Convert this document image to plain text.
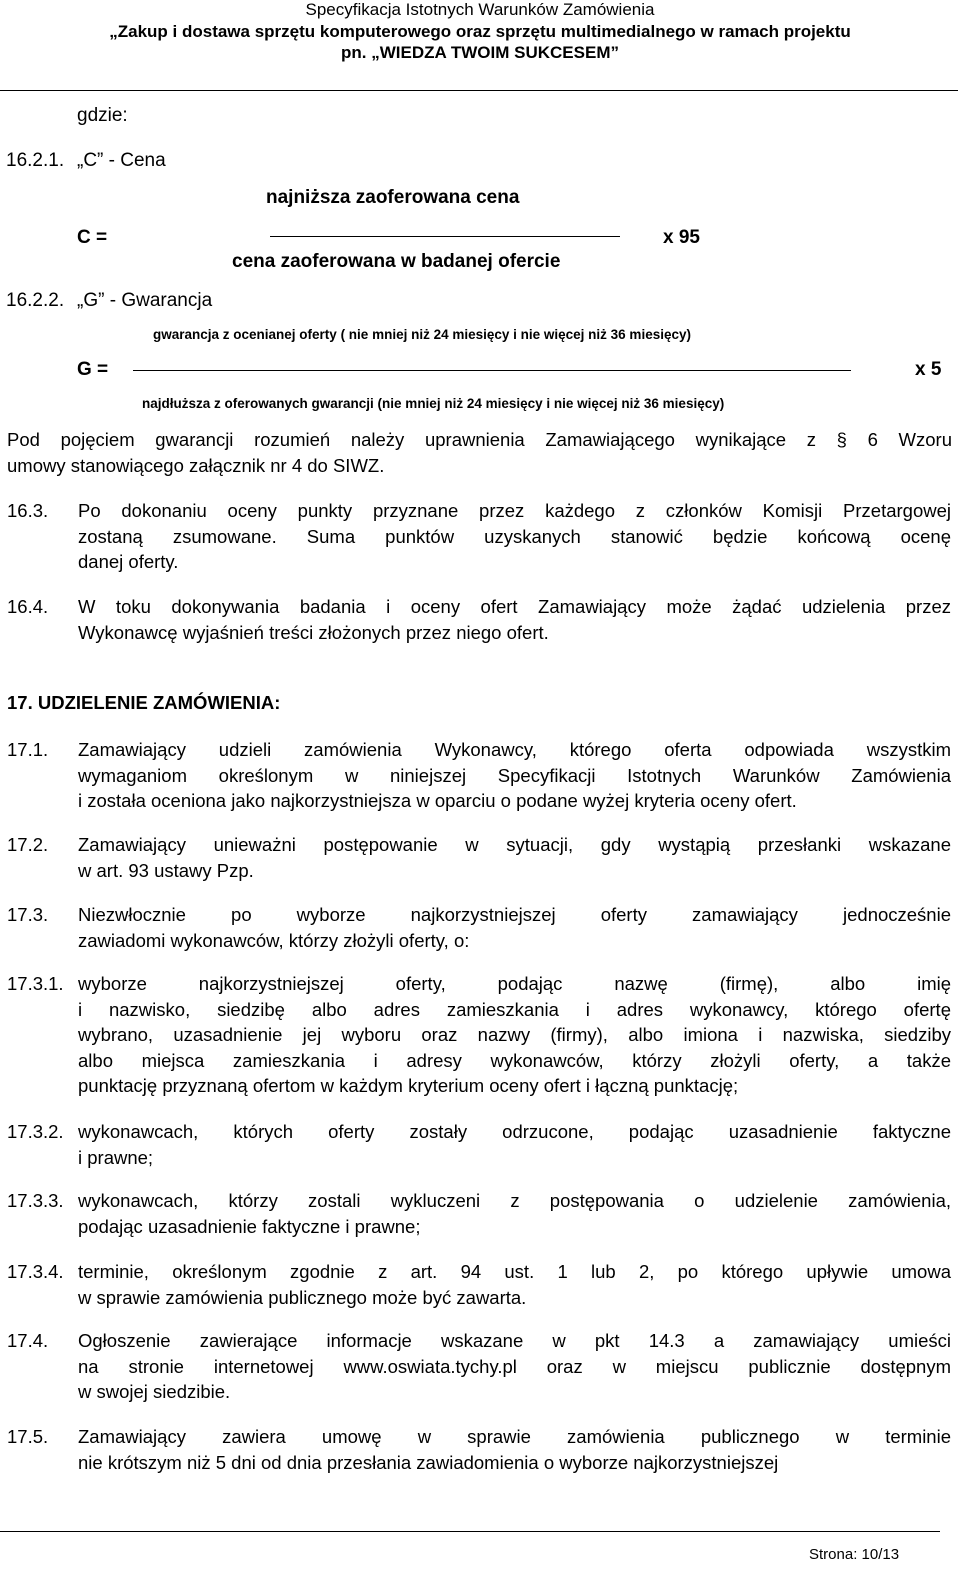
Specyfikacja Istotnych Warunków Zamówienia
„Zakup i dostawa sprzętu komputerowego oraz sprzętu multimedialnego w ramach projektu
pn. „WIEDZA TWOIM SUKCESEM”
gdzie:
16.2.1. „C” - Cena
C =
najniższa zaoferowana cena
cena zaoferowana w badanej ofercie
x 95
16.2.2. „G” - Gwarancja
gwarancja z ocenianej oferty ( nie mniej niż 24 miesięcy i nie więcej niż 36 miesięcy)
G =	x 5
najdłuższa z oferowanych gwarancji (nie mniej niż 24 miesięcy i nie więcej niż 36 miesięcy)
Pod pojęciem gwarancji rozumień należy uprawnienia Zamawiającego wynikające z § 6 Wzoru
umowy stanowiącego załącznik nr 4 do SIWZ.
16.3. Po dokonaniu oceny punkty przyznane przez każdego z członków Komisji Przetargowej
zostaną zsumowane. Suma punktów uzyskanych stanowić będzie końcową ocenę
danej oferty.
16.4. W toku dokonywania badania i oceny ofert Zamawiający może żądać udzielenia przez
Wykonawcę wyjaśnień treści złożonych przez niego ofert.
17. UDZIELENIE ZAMÓWIENIA:
17.1. Zamawiający udzieli zamówienia Wykonawcy, którego oferta odpowiada wszystkim
wymaganiom określonym w niniejszej Specyfikacji Istotnych Warunków Zamówienia
i została oceniona jako najkorzystniejsza w oparciu o podane wyżej kryteria oceny ofert.
17.2. Zamawiający unieważni postępowanie w sytuacji, gdy wystąpią przesłanki wskazane
w art. 93 ustawy Pzp.
17.3. Niezwłocznie po wyborze najkorzystniejszej oferty zamawiający jednocześnie
zawiadomi wykonawców, którzy złożyli oferty, o:
17.3.1. wyborze najkorzystniejszej oferty, podając nazwę (firmę), albo imię
i nazwisko, siedzibę albo adres zamieszkania i adres wykonawcy, którego ofertę
wybrano, uzasadnienie jej wyboru oraz nazwy (firmy), albo imiona i nazwiska, siedziby
albo miejsca zamieszkania i adresy wykonawców, którzy złożyli oferty, a także
punktację przyznaną ofertom w każdym kryterium oceny ofert i łączną punktację;
17.3.2. wykonawcach, których oferty zostały odrzucone, podając uzasadnienie faktyczne
i prawne;
17.3.3. wykonawcach, którzy zostali wykluczeni z postępowania o udzielenie zamówienia,
podając uzasadnienie faktyczne i prawne;
17.3.4. terminie, określonym zgodnie z art. 94 ust. 1 lub 2, po którego upływie umowa
w sprawie zamówienia publicznego może być zawarta.
17.4. Ogłoszenie zawierające informacje wskazane w pkt 14.3 a zamawiający umieści
na stronie internetowej www.oswiata.tychy.pl oraz w miejscu publicznie dostępnym
w swojej siedzibie.
17.5. Zamawiający zawiera umowę w sprawie zamówienia publicznego w terminie
nie krótszym niż 5 dni od dnia przesłania zawiadomienia o wyborze najkorzystniejszej
Strona: 10/13
